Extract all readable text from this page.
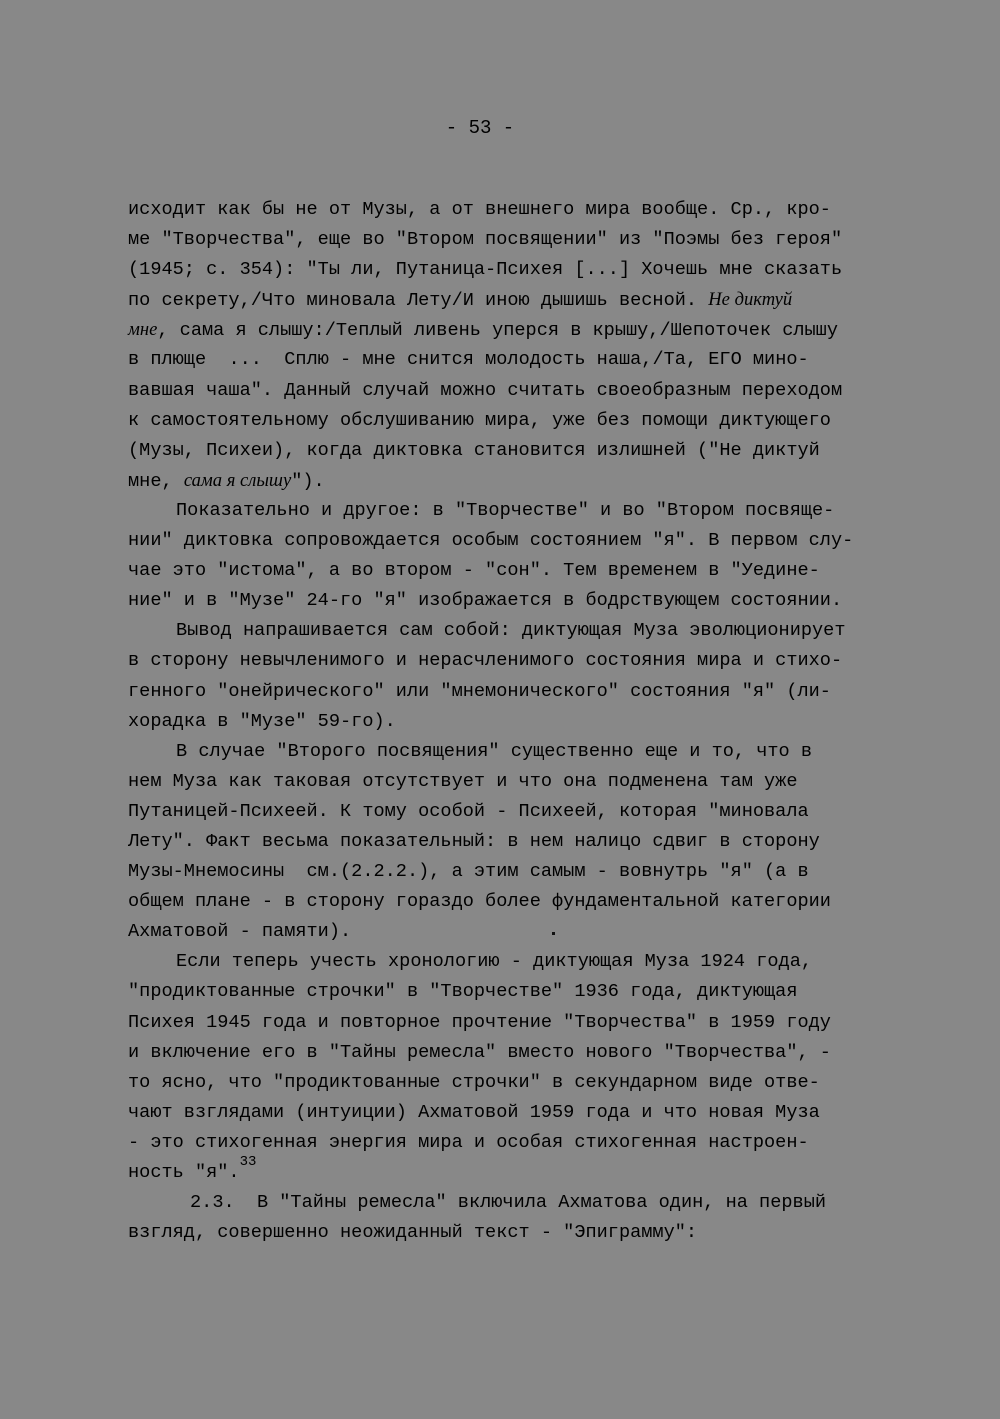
- 53 -
исходит как бы не от Музы, а от внешнего мира вообще. Ср., кро-
ме "Творчества", еще во "Втором посвящении" из "Поэмы без героя"
(1945; с. 354): "Ты ли, Путаница-Психея [...] Хочешь мне сказать
по секрету,/Что миновала Лету/И иною дышишь весной. Не диктуй
мне, сама я слышу:/Теплый ливень уперся в крышу,/Шепоточек слышу
в плюще ... Сплю - мне снится молодость наша,/Та, ЕГО мино-
вавшая чаша". Данный случай можно считать своеобразным переходом
к самостоятельному обслушиванию мира, уже без помощи диктующего
(Музы, Психеи), когда диктовка становится излишней ("Не диктуй
мне, сама я слышу").
Показательно и другое: в "Творчестве" и во "Втором посвяще-
нии" диктовка сопровождается особым состоянием "я". В первом слу-
чае это "истома", а во втором - "сон". Тем временем в "Уедине-
ние" и в "Музе" 24-го "я" изображается в бодрствующем состоянии.
Вывод напрашивается сам собой: диктующая Муза эволюционирует
в сторону невычленимого и нерасчленимого состояния мира и стихо-
генного "онейрического" или "мнемонического" состояния "я" (ли-
хорадка в "Музе" 59-го).
В случае "Второго посвящения" существенно еще и то, что в
нем Муза как таковая отсутствует и что она подменена там уже
Путаницей-Психеей. К тому особой - Психеей, которая "миновала
Лету". Факт весьма показательный: в нем налицо сдвиг в сторону
Музы-Мнемосины  см.(2.2.2.), а этим самым - вовнутрь "я" (а в
общем плане - в сторону гораздо более фундаментальной категории
Ахматовой - памяти).
Если теперь учесть хронологию - диктующая Муза 1924 года,
"продиктованные строчки" в "Творчестве" 1936 года, диктующая
Психея 1945 года и повторное прочтение "Творчества" в 1959 году
и включение его в "Тайны ремесла" вместо нового "Творчества", -
то ясно, что "продиктованные строчки" в секундарном виде отве-
чают взглядами (интуиции) Ахматовой 1959 года и что новая Муза
- это стихогенная энергия мира и особая стихогенная настроен-
ность "я".$^{33}$
2.3.  В "Тайны ремесла" включила Ахматова один, на первый
взгляд, совершенно неожиданный текст - "Эпиграмму":
